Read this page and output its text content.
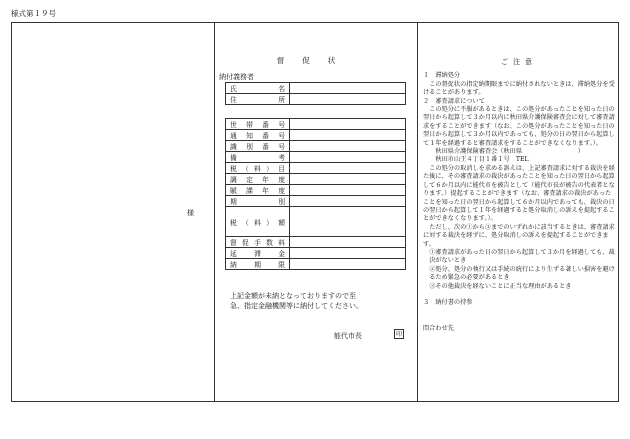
様式第１９号
様
督促状
納付義務者
氏　名	
住　所	
世帯番号	
通知番号	
識別番号	
備考	
税（料）目	
調定年度	
賦課年度	
期別	
税（料）額	
督促手数料	
延滞金	
納期限	
上記金額が未納となっておりますので至
急、指定金融機関等に納付してください。
能代市長	印
ご注意

１　滞納処分

この督促状の指定納期限までに納付されないときは、滞納処分を受けることがあります。

２　審査請求について

この処分に不服があるときは、この処分があったことを知った日の翌日から起算して３か月以内に秋田県介護保険審査会に対して審査請求をすることができます（なお、この処分があったことを知った日の翌日から起算して３か月以内であっても、処分の日の翌日から起算して１年を経過すると審査請求をすることができなくなります。）。

秋田県介護保険審査会（秋田県　　　　　　　　　）

秋田市山王４丁目１番１号　TEL

この処分の取消しを求める訴えは、上記審査請求に対する裁決を経た後に、その審査請求の裁決があったことを知った日の翌日から起算して６か月以内に能代市を被告として（能代市長が被告の代表者となります。）提起することができます（なお、審査請求の裁決があったことを知った日の翌日から起算して６か月以内であっても、裁決の日の翌日から起算して１年を経過すると処分取消しの訴えを提起することができなくなります。）。

ただし、次の①から③までのいずれかに該当するときは、審査請求に対する裁決を経ずに、処分取消しの訴えを提起することができます。

①審査請求があった日の翌日から起算して３か月を経過しても、裁決がないとき

②処分、処分の執行又は手続の続行により生ずる著しい損害を避けるため緊急の必要があるとき

③その他裁決を経ないことに正当な理由があるとき

３　納付書の持参

問合わせ先
